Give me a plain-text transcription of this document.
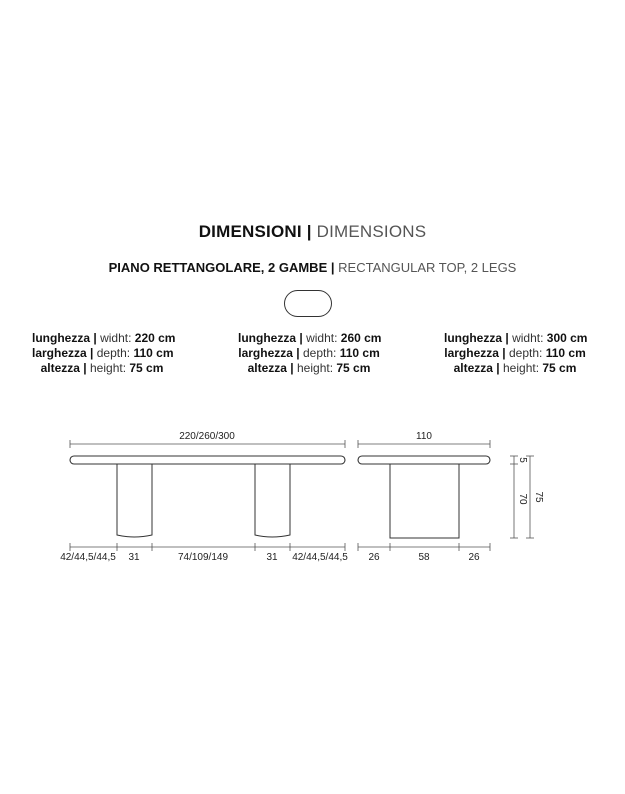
DIMENSIONI | DIMENSIONS
PIANO RETTANGOLARE, 2 GAMBE | RECTANGULAR TOP, 2 LEGS
lunghezza | widht: 220 cm
larghezza | depth: 110 cm
altezza | height: 75 cm
lunghezza | widht: 260 cm
larghezza | depth: 110 cm
altezza | height: 75 cm
lunghezza | widht: 300 cm
larghezza | depth: 110 cm
altezza | height: 75 cm
220/260/300
42/44,5/44,5 31	74/109/149	31 42/44,5/44,5
110
26	58	26
5
70 75
